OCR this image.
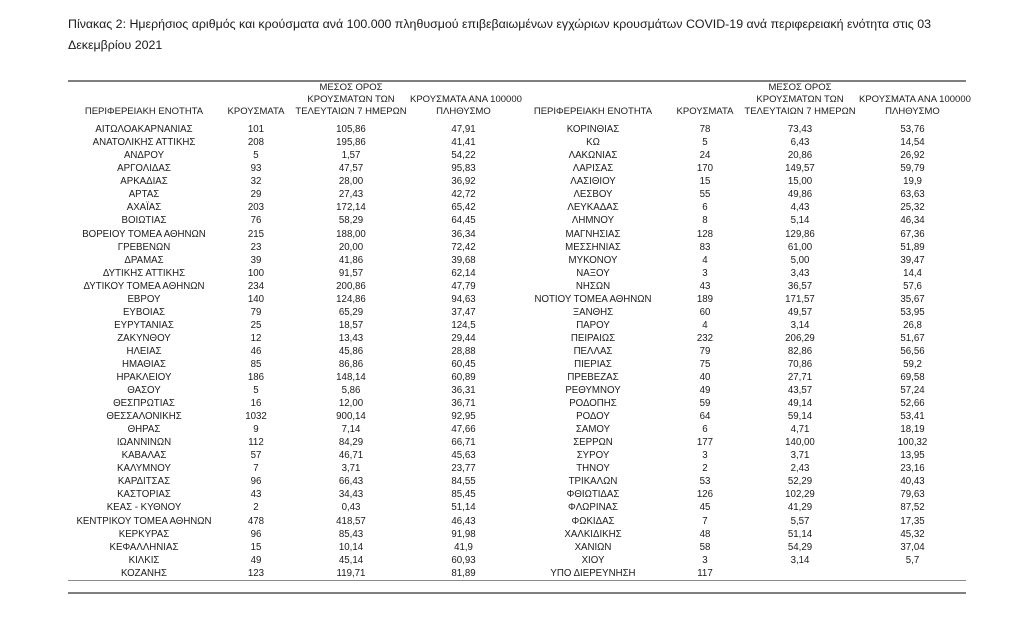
Πίνακας 2: Ημερήσιος αριθμός και κρούσματα ανά 100.000 πληθυσμού επιβεβαιωμένων εγχώριων κρουσμάτων COVID-19 ανά περιφερειακή ενότητα στις 03 Δεκεμβρίου 2021

ΠΕΡΙΦΕΡΕΙΑΚΗ ΕΝΟΤΗΤΑ	ΚΡΟΥΣΜΑΤΑ	
ΜΕΣΟΣ ΟΡΟΣ
ΚΡΟΥΣΜΑΤΩΝ ΤΩΝ
ΤΕΛΕΥΤΑΙΩΝ 7 ΗΜΕΡΩΝ

ΚΡΟΥΣΜΑΤΑ ΑΝΑ 100000
ΠΛΗΘΥΣΜΟ	ΠΕΡΙΦΕΡΕΙΑΚΗ ΕΝΟΤΗΤΑ	ΚΡΟΥΣΜΑΤΑ	
ΜΕΣΟΣ ΟΡΟΣ
ΚΡΟΥΣΜΑΤΩΝ ΤΩΝ
ΤΕΛΕΥΤΑΙΩΝ 7 ΗΜΕΡΩΝ

ΚΡΟΥΣΜΑΤΑ ΑΝΑ 100000
ΠΛΗΘΥΣΜΟ

ΑΙΤΩΛΟΑΚΑΡΝΑΝΙΑΣ	101	105,86	47,91	ΚΟΡΙΝΘΙΑΣ	78	73,43	53,76
ΑΝΑΤΟΛΙΚΗΣ ΑΤΤΙΚΗΣ	208	195,86	41,41	ΚΩ	5	6,43	14,54
ΑΝΔΡΟΥ	5	1,57	54,22	ΛΑΚΩΝΙΑΣ	24	20,86	26,92
ΑΡΓΟΛΙΔΑΣ	93	47,57	95,83	ΛΑΡΙΣΑΣ	170	149,57	59,79
ΑΡΚΑΔΙΑΣ	32	28,00	36,92	ΛΑΣΙΘΙΟΥ	15	15,00	19,9
ΑΡΤΑΣ	29	27,43	42,72	ΛΕΣΒΟΥ	55	49,86	63,63
ΑΧΑΪΑΣ	203	172,14	65,42	ΛΕΥΚΑΔΑΣ	6	4,43	25,32
ΒΟΙΩΤΙΑΣ	76	58,29	64,45	ΛΗΜΝΟΥ	8	5,14	46,34
ΒΟΡΕΙΟΥ ΤΟΜΕΑ ΑΘΗΝΩΝ	215	188,00	36,34	ΜΑΓΝΗΣΙΑΣ	128	129,86	67,36
ΓΡΕΒΕΝΩΝ	23	20,00	72,42	ΜΕΣΣΗΝΙΑΣ	83	61,00	51,89
ΔΡΑΜΑΣ	39	41,86	39,68	ΜΥΚΟΝΟΥ	4	5,00	39,47
ΔΥΤΙΚΗΣ ΑΤΤΙΚΗΣ	100	91,57	62,14	ΝΑΞΟΥ	3	3,43	14,4
ΔΥΤΙΚΟΥ ΤΟΜΕΑ ΑΘΗΝΩΝ	234	200,86	47,79	ΝΗΣΩΝ	43	36,57	57,6
ΕΒΡΟΥ	140	124,86	94,63	ΝΟΤΙΟΥ ΤΟΜΕΑ ΑΘΗΝΩΝ	189	171,57	35,67
ΕΥΒΟΙΑΣ	79	65,29	37,47	ΞΑΝΘΗΣ	60	49,57	53,95
ΕΥΡΥΤΑΝΙΑΣ	25	18,57	124,5	ΠΑΡΟΥ	4	3,14	26,8
ΖΑΚΥΝΘΟΥ	12	13,43	29,44	ΠΕΙΡΑΙΩΣ	232	206,29	51,67
ΗΛΕΙΑΣ	46	45,86	28,88	ΠΕΛΛΑΣ	79	82,86	56,56
ΗΜΑΘΙΑΣ	85	86,86	60,45	ΠΙΕΡΙΑΣ	75	70,86	59,2
ΗΡΑΚΛΕΙΟΥ	186	148,14	60,89	ΠΡΕΒΕΖΑΣ	40	27,71	69,58
ΘΑΣΟΥ	5	5,86	36,31	ΡΕΘΥΜΝΟΥ	49	43,57	57,24
ΘΕΣΠΡΩΤΙΑΣ	16	12,00	36,71	ΡΟΔΟΠΗΣ	59	49,14	52,66
ΘΕΣΣΑΛΟΝΙΚΗΣ	1032	900,14	92,95	ΡΟΔΟΥ	64	59,14	53,41
ΘΗΡΑΣ	9	7,14	47,66	ΣΑΜΟΥ	6	4,71	18,19
ΙΩΑΝΝΙΝΩΝ	112	84,29	66,71	ΣΕΡΡΩΝ	177	140,00	100,32
ΚΑΒΑΛΑΣ	57	46,71	45,63	ΣΥΡΟΥ	3	3,71	13,95
ΚΑΛΥΜΝΟΥ	7	3,71	23,77	ΤΗΝΟΥ	2	2,43	23,16
ΚΑΡΔΙΤΣΑΣ	96	66,43	84,55	ΤΡΙΚΑΛΩΝ	53	52,29	40,43
ΚΑΣΤΟΡΙΑΣ	43	34,43	85,45	ΦΘΙΩΤΙΔΑΣ	126	102,29	79,63
ΚΕΑΣ - ΚΥΘΝΟΥ	2	0,43	51,14	ΦΛΩΡΙΝΑΣ	45	41,29	87,52
ΚΕΝΤΡΙΚΟΥ ΤΟΜΕΑ ΑΘΗΝΩΝ	478	418,57	46,43	ΦΩΚΙΔΑΣ	7	5,57	17,35
ΚΕΡΚΥΡΑΣ	96	85,43	91,98	ΧΑΛΚΙΔΙΚΗΣ	48	51,14	45,32
ΚΕΦΑΛΛΗΝΙΑΣ	15	10,14	41,9	ΧΑΝΙΩΝ	58	54,29	37,04
ΚΙΛΚΙΣ	49	45,14	60,93	ΧΙΟΥ	3	3,14	5,7
ΚΟΖΑΝΗΣ	123	119,71	81,89	ΥΠΟ ΔΙΕΡΕΥΝΗΣΗ	117		
